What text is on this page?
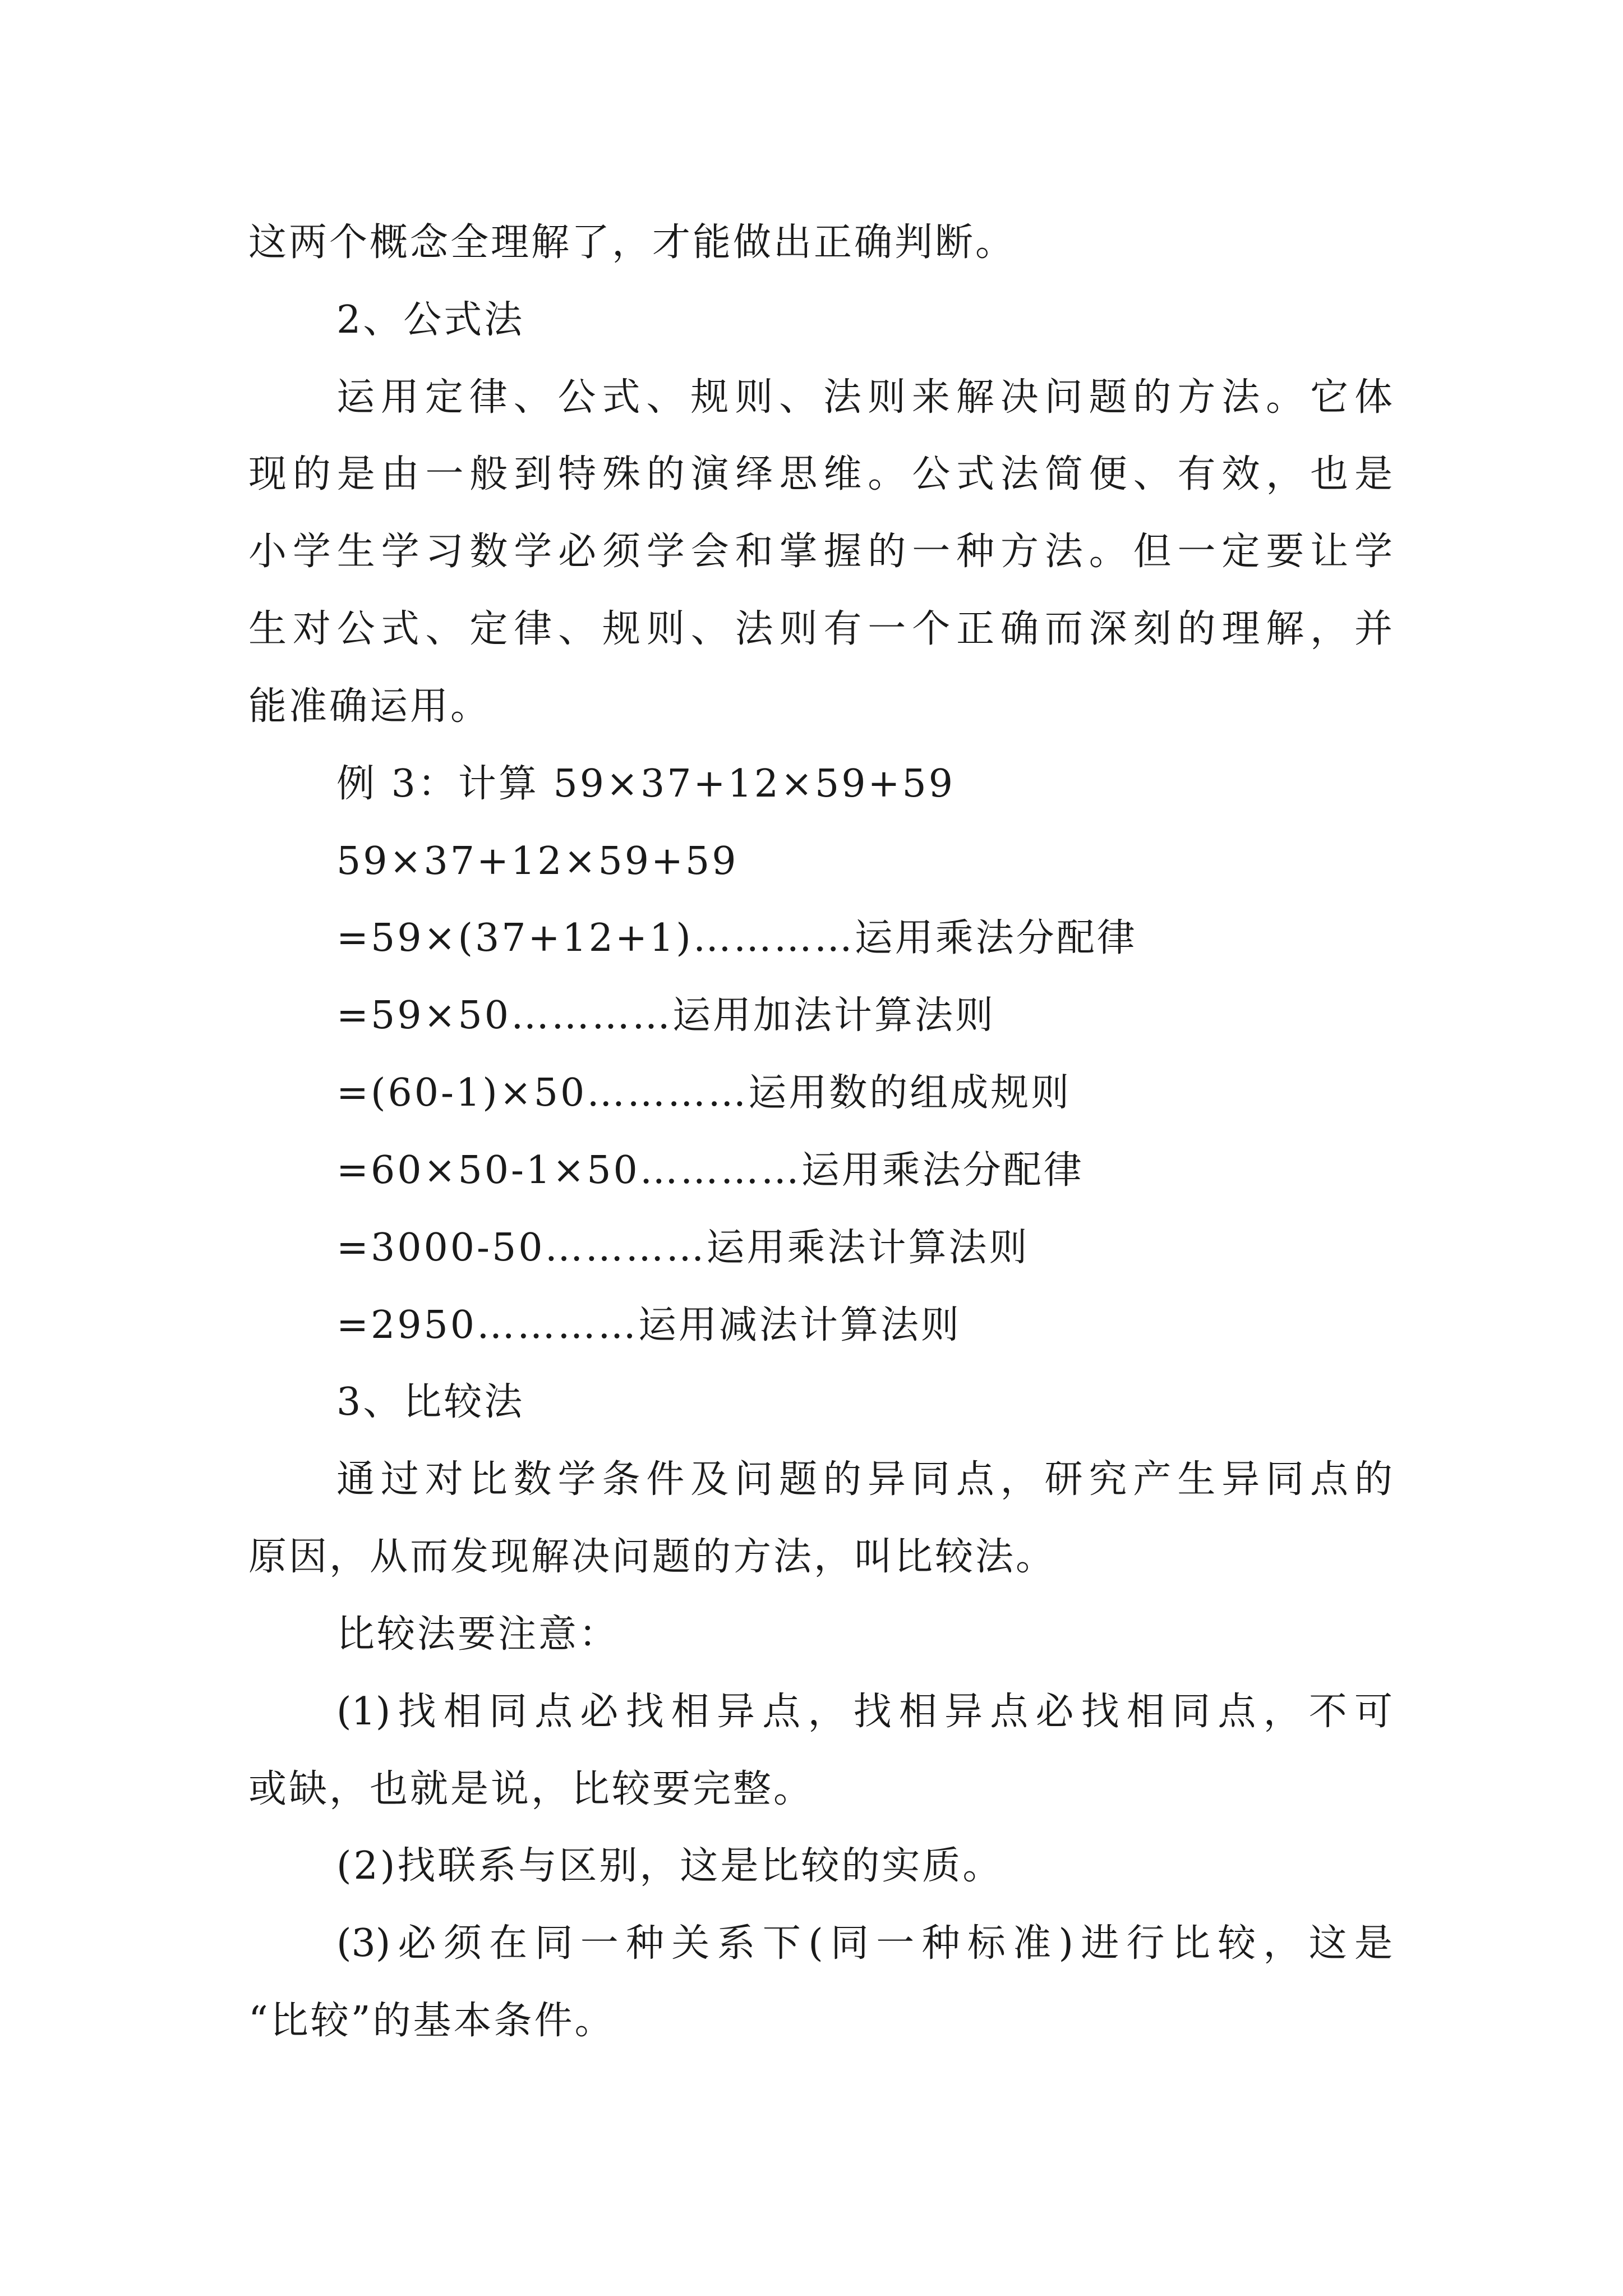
这两个概念全理解了，才能做出正确判断。
2、公式法
运用定律、公式、规则、法则来解决问题的方法。它体
现的是由一般到特殊的演绎思维。公式法简便、有效，也是
小学生学习数学必须学会和掌握的一种方法。但一定要让学
生对公式、定律、规则、法则有一个正确而深刻的理解，并
能准确运用。
例 3：计算 59×37+12×59+59
59×37+12×59+59
=59×(37+12+1)…………运用乘法分配律
=59×50…………运用加法计算法则
=(60-1)×50…………运用数的组成规则
=60×50-1×50…………运用乘法分配律
=3000-50…………运用乘法计算法则
=2950…………运用减法计算法则
3、比较法
通过对比数学条件及问题的异同点，研究产生异同点的
原因，从而发现解决问题的方法，叫比较法。
比较法要注意：
(1)找相同点必找相异点，找相异点必找相同点，不可
或缺，也就是说，比较要完整。
(2)找联系与区别，这是比较的实质。
(3)必须在同一种关系下(同一种标准)进行比较，这是
“比较”的基本条件。
